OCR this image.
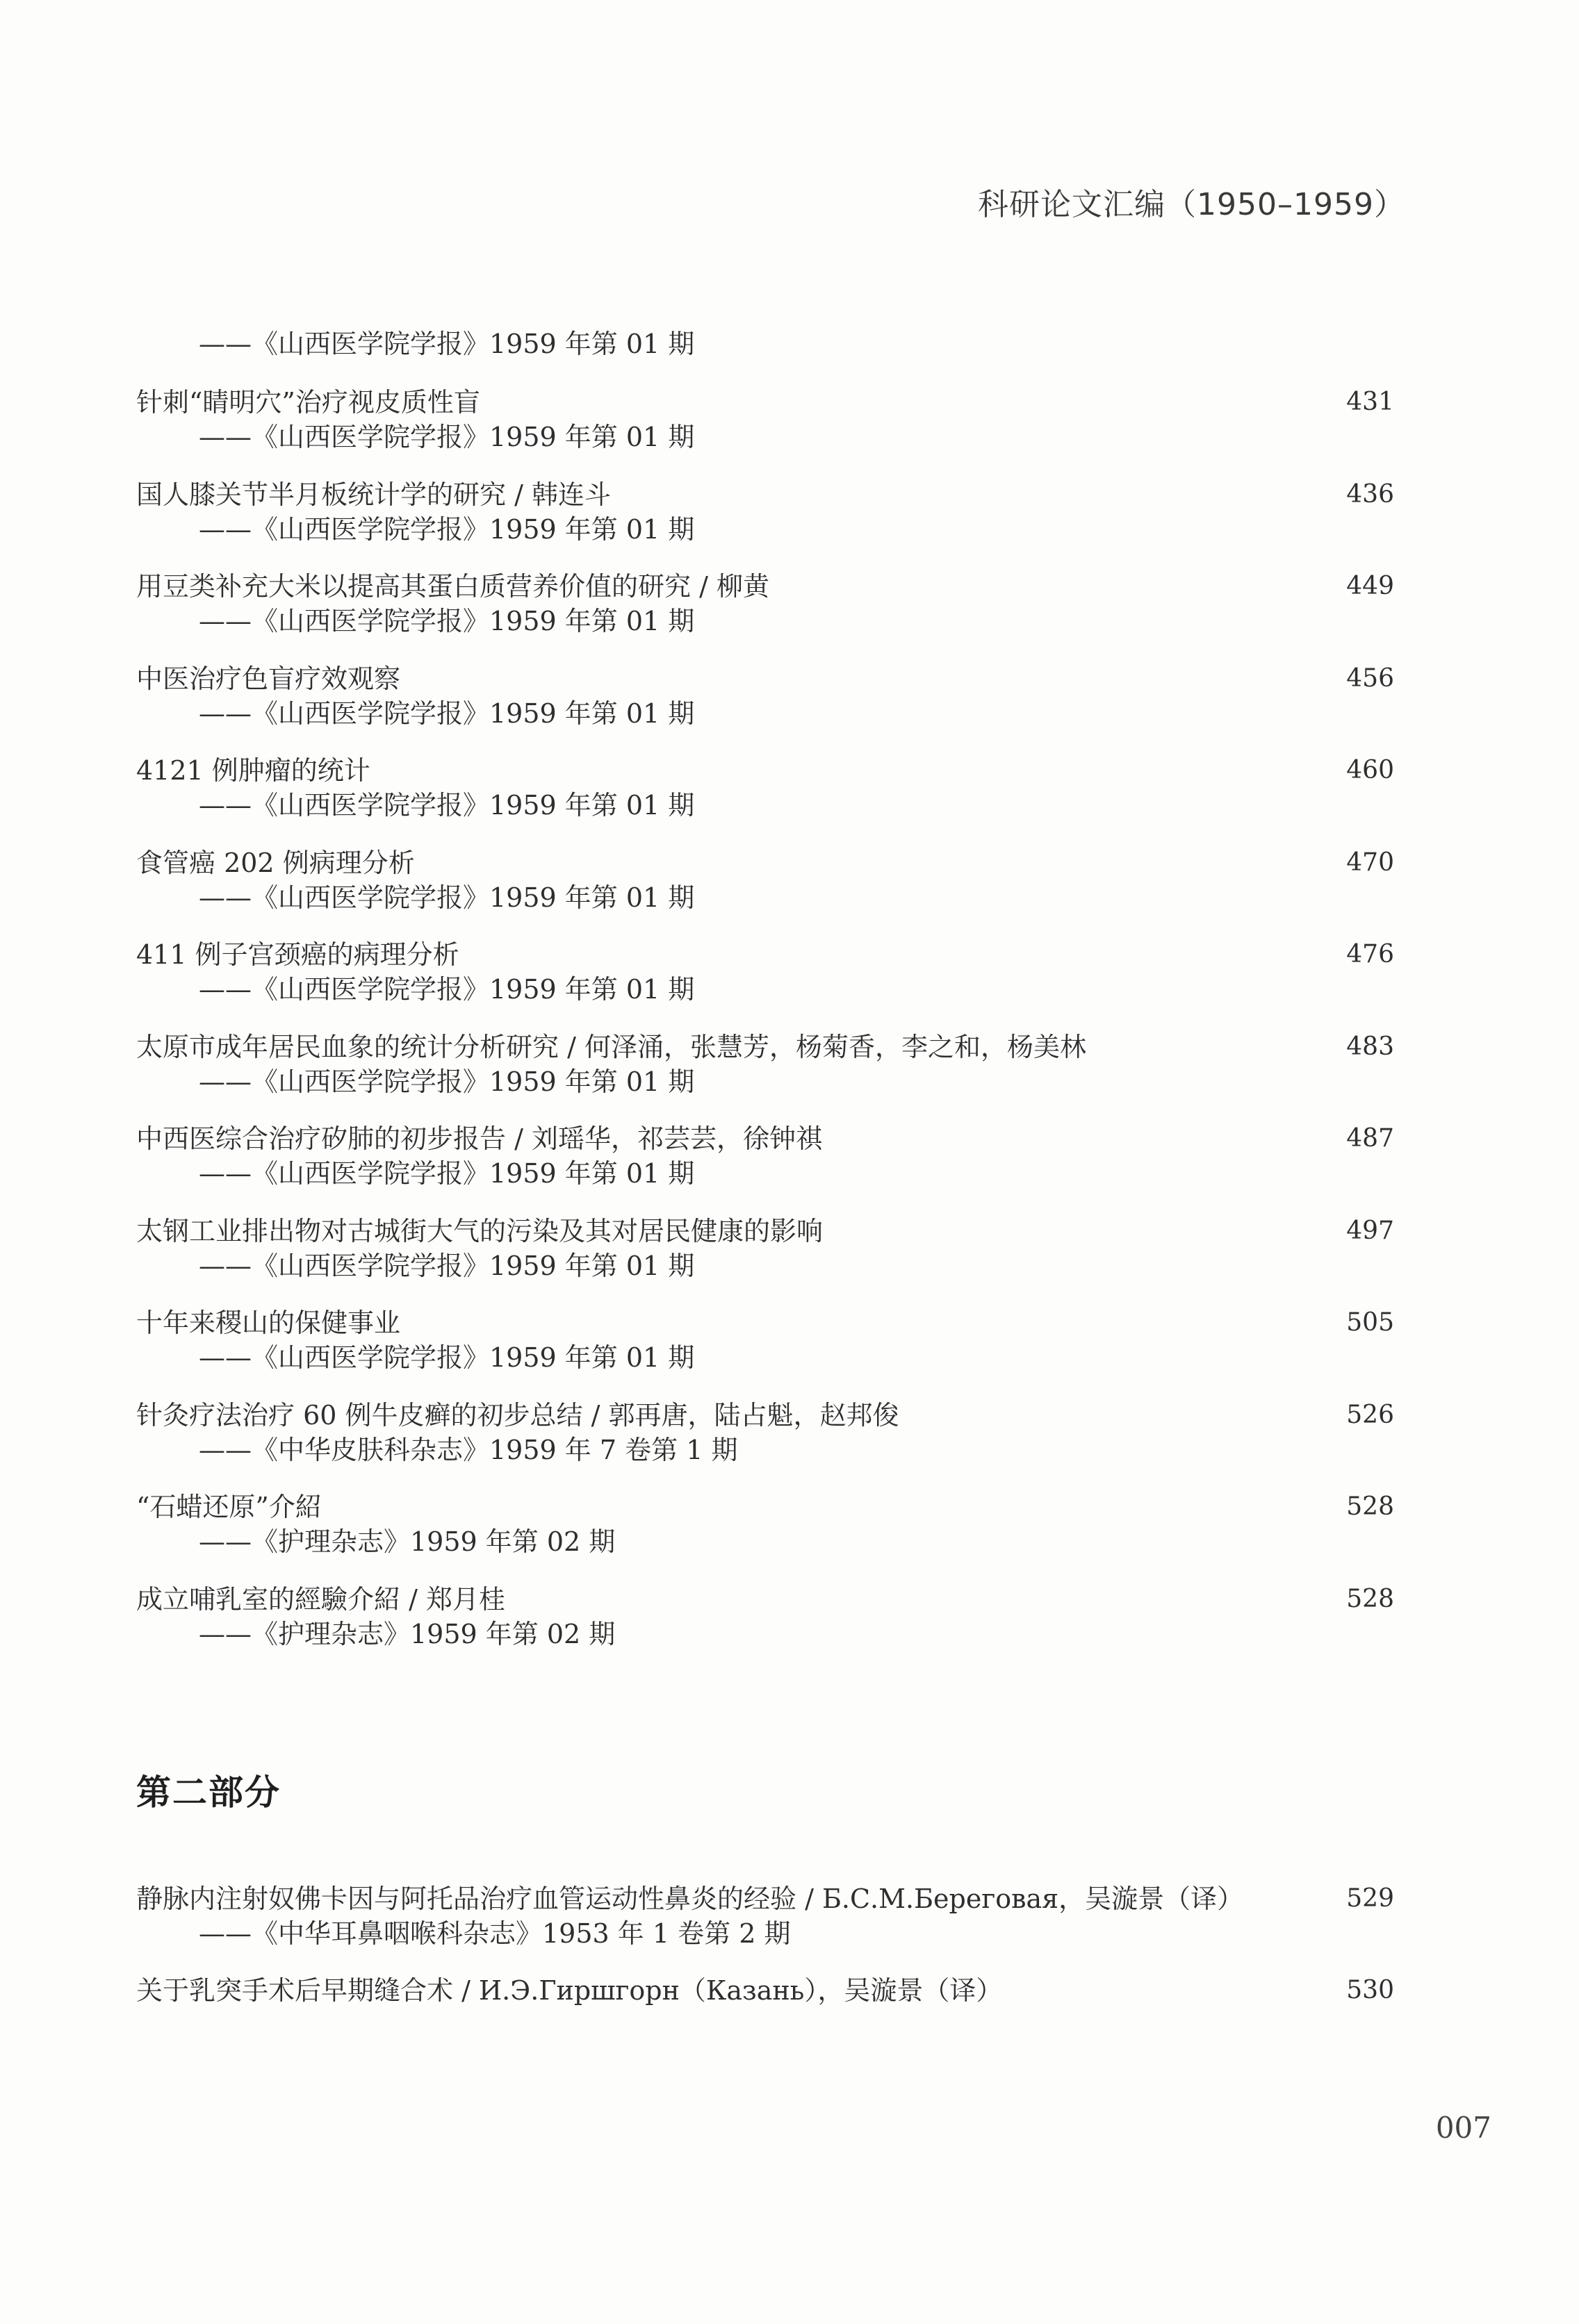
科研论文汇编（1950–1959）
——《山西医学院学报》1959 年第 01 期
针刺“睛明穴”治疗视皮质性盲
——《山西医学院学报》1959 年第 01 期
431
国人膝关节半月板统计学的研究 / 韩连斗
——《山西医学院学报》1959 年第 01 期
436
用豆类补充大米以提高其蛋白质营养价值的研究 / 柳黄
——《山西医学院学报》1959 年第 01 期
449
中医治疗色盲疗效观察
——《山西医学院学报》1959 年第 01 期
456
4121 例肿瘤的统计
——《山西医学院学报》1959 年第 01 期
460
食管癌 202 例病理分析
——《山西医学院学报》1959 年第 01 期
470
411 例子宫颈癌的病理分析
——《山西医学院学报》1959 年第 01 期
476
太原市成年居民血象的统计分析研究 / 何泽涌，张慧芳，杨菊香，李之和，杨美林
——《山西医学院学报》1959 年第 01 期
483
中西医综合治疗矽肺的初步报告 / 刘瑶华，祁芸芸，徐钟祺
——《山西医学院学报》1959 年第 01 期
487
太钢工业排出物对古城街大气的污染及其对居民健康的影响
——《山西医学院学报》1959 年第 01 期
497
十年来稷山的保健事业
——《山西医学院学报》1959 年第 01 期
505
针灸疗法治疗 60 例牛皮癣的初步总结 / 郭再唐，陆占魁，赵邦俊
——《中华皮肤科杂志》1959 年 7 卷第 1 期
526
“石蜡还原”介紹
——《护理杂志》1959 年第 02 期
528
成立哺乳室的經驗介紹 / 郑月桂
——《护理杂志》1959 年第 02 期
528
第二部分
静脉内注射奴佛卡因与阿托品治疗血管运动性鼻炎的经验 / Б.С.М.Береговая，吴漩景（译）
——《中华耳鼻咽喉科杂志》1953 年 1 卷第 2 期
529
关于乳突手术后早期缝合术 / И.Э.Гиршгорн（Казань），吴漩景（译）	530
007
